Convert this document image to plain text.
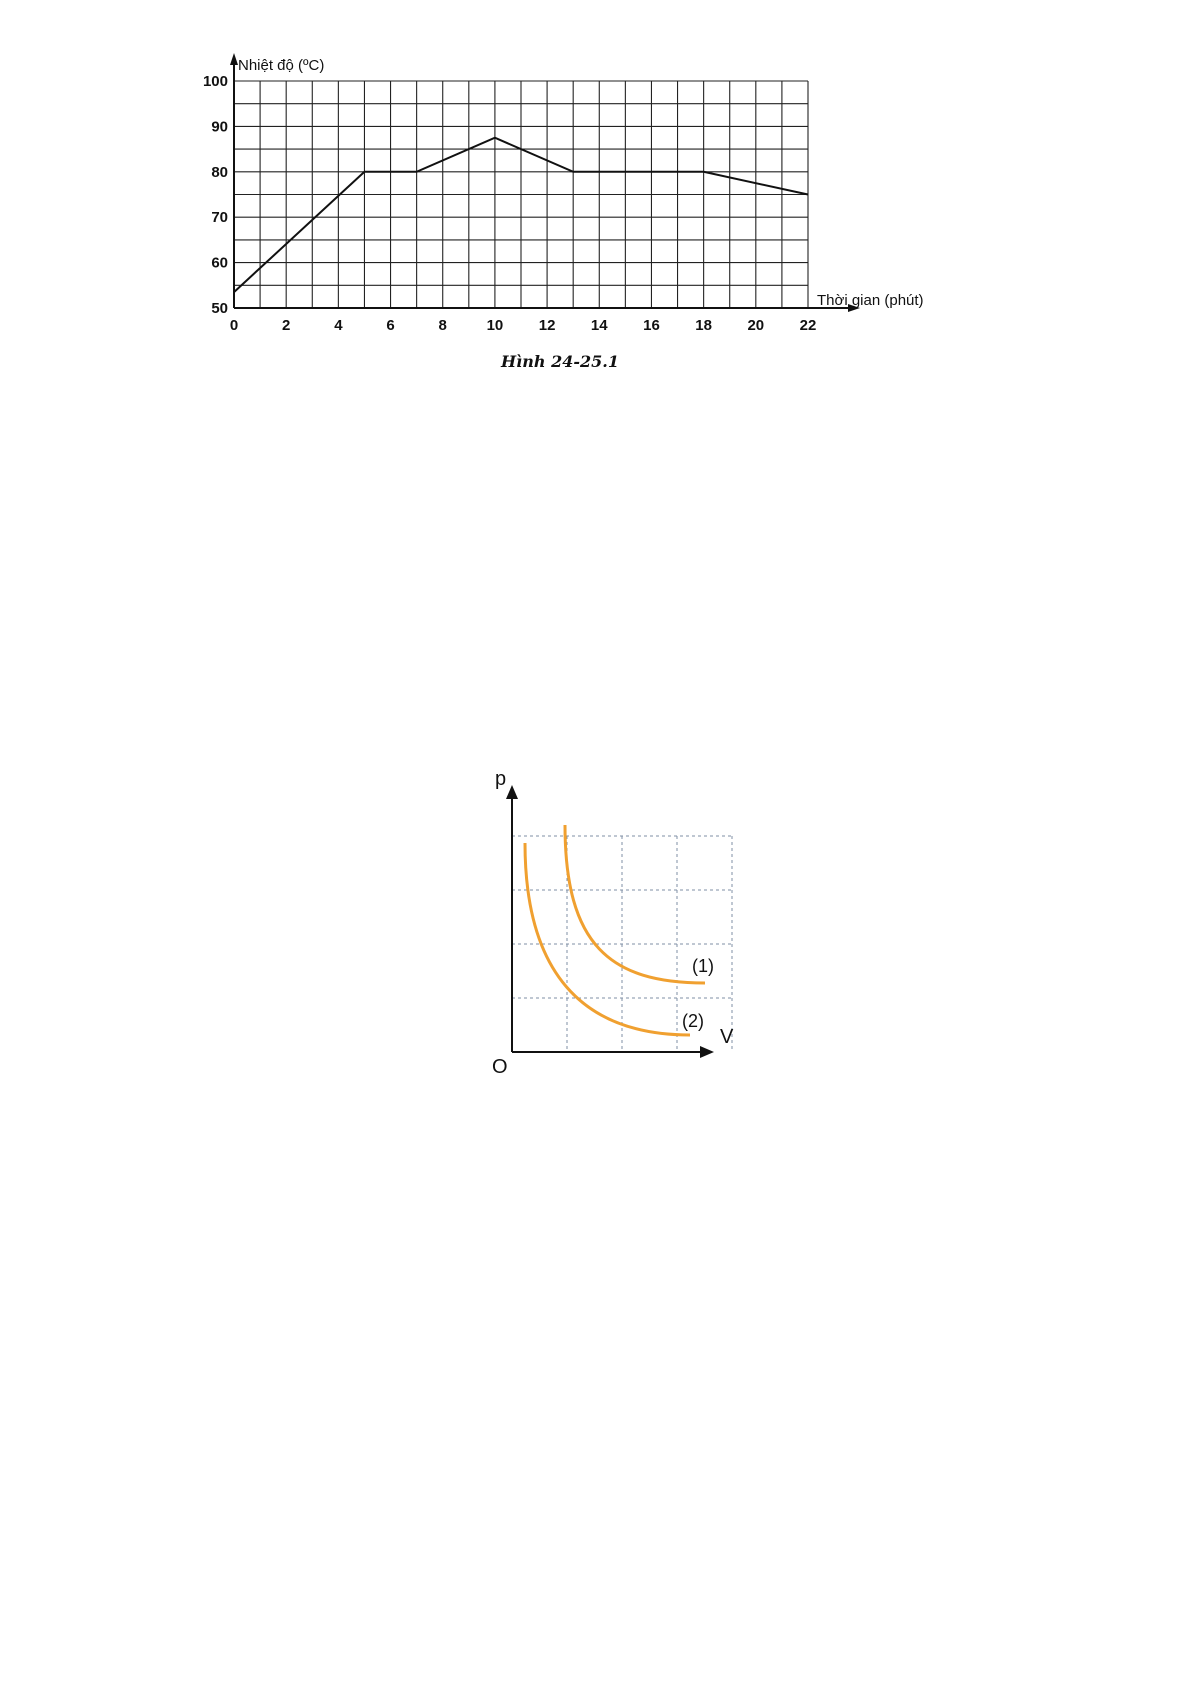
0	2	4	6	8	10 12 14 16 18 20 22
50
60
70
80
90
100
Nhiệt độ (ºC)
Thời gian (phút)
Hình 24-25.1
(1)
(2)
V
p
O
